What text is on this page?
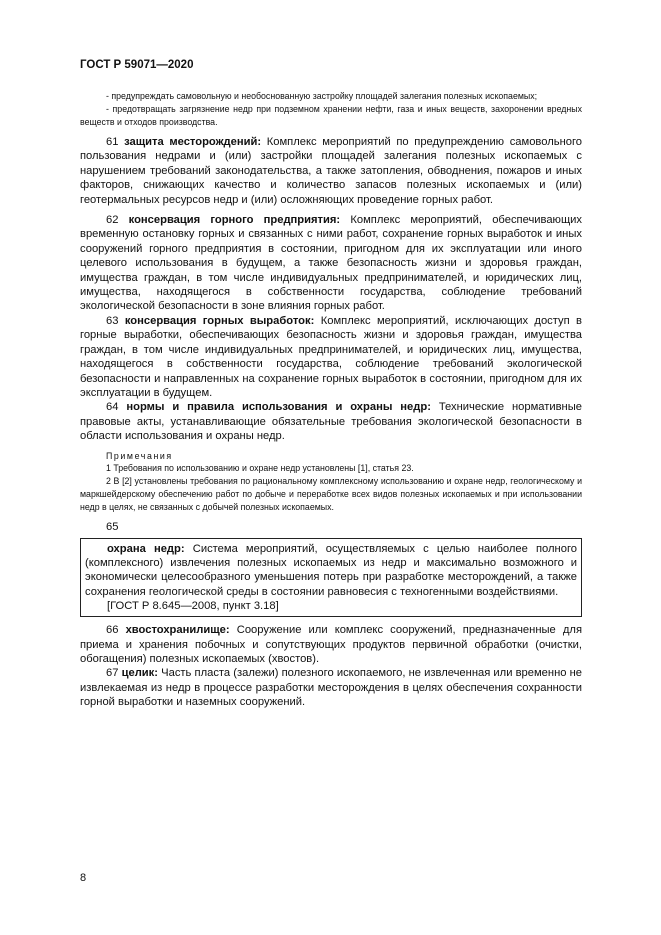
ГОСТ Р 59071—2020

- предупреждать самовольную и необоснованную застройку площадей залегания полезных ископаемых;

- предотвращать загрязнение недр при подземном хранении нефти, газа и иных веществ, захоронении вредных веществ и отходов производства.

61 защита месторождений: Комплекс мероприятий по предупреждению самовольного пользования недрами и (или) застройки площадей залегания полезных ископаемых с нарушением требований законодательства, а также затопления, обводнения, пожаров и иных факторов, снижающих качество и количество запасов полезных ископаемых и (или) геотермальных ресурсов недр и (или) осложняющих проведение горных работ.

62 консервация горного предприятия: Комплекс мероприятий, обеспечивающих временную остановку горных и связанных с ними работ, сохранение горных выработок и иных сооружений горного предприятия в состоянии, пригодном для их эксплуатации или иного целевого использования в будущем, а также безопасность жизни и здоровья граждан, имущества граждан, в том числе индивидуальных предпринимателей, и юридических лиц, имущества, находящегося в собственности государства, соблюдение требований экологической безопасности в зоне влияния горных работ.

63 консервация горных выработок: Комплекс мероприятий, исключающих доступ в горные выработки, обеспечивающих безопасность жизни и здоровья граждан, имущества граждан, в том числе индивидуальных предпринимателей, и юридических лиц, имущества, находящегося в собственности государства, соблюдение требований экологической безопасности и направленных на сохранение горных выработок в состоянии, пригодном для их эксплуатации в будущем.

64 нормы и правила использования и охраны недр: Технические нормативные правовые акты, устанавливающие обязательные требования экологической безопасности в области использования и охраны недр.

Примечания

1 Требования по использованию и охране недр установлены [1], статья 23.

2 В [2] установлены требования по рациональному комплексному использованию и охране недр, геологическому и маркшейдерскому обеспечению работ по добыче и переработке всех видов полезных ископаемых и при использовании недр в целях, не связанных с добычей полезных ископаемых.

65

охрана недр: Система мероприятий, осуществляемых с целью наиболее полного (комплексного) извлечения полезных ископаемых из недр и максимально возможного и экономически целесообразного уменьшения потерь при разработке месторождений, а также сохранения геологической среды в состоянии равновесия с техногенными воздействиями.

[ГОСТ Р 8.645—2008, пункт 3.18]

66 хвостохранилище: Сооружение или комплекс сооружений, предназначенные для приема и хранения побочных и сопутствующих продуктов первичной обработки (очистки, обогащения) полезных ископаемых (хвостов).

67 целик: Часть пласта (залежи) полезного ископаемого, не извлеченная или временно не извлекаемая из недр в процессе разработки месторождения в целях обеспечения сохранности горной выработки и наземных сооружений.

8
